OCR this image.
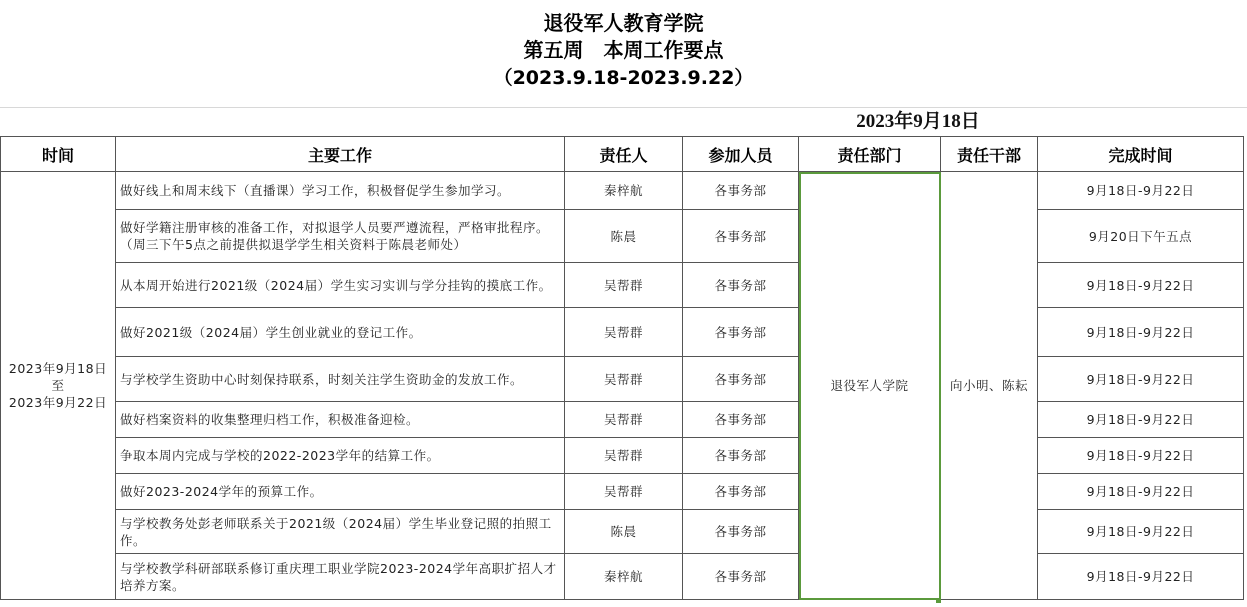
退役军人教育学院
第五周　本周工作要点
（2023.9.18-2023.9.22）
2023年9月18日
时间	主要工作	责任人	参加人员	责任部门	责任干部	完成时间

2023年9月18日
至
2023年9月22日	做好线上和周末线下（直播课）学习工作，积极督促学生参加学习。	秦梓航	各事务部	退役军人学院	向小明、陈耘	9月18日-9月22日
	做好学籍注册审核的准备工作，对拟退学人员要严遵流程，严格审批程序。（周三下午5点之前提供拟退学学生相关资料于陈晨老师处）	陈晨	各事务部			9月20日下午五点
	从本周开始进行2021级（2024届）学生实习实训与学分挂钩的摸底工作。	吴帮群	各事务部			9月18日-9月22日
	做好2021级（2024届）学生创业就业的登记工作。	吴帮群	各事务部			9月18日-9月22日
	与学校学生资助中心时刻保持联系，时刻关注学生资助金的发放工作。	吴帮群	各事务部			9月18日-9月22日
	做好档案资料的收集整理归档工作，积极准备迎检。	吴帮群	各事务部			9月18日-9月22日
	争取本周内完成与学校的2022-2023学年的结算工作。	吴帮群	各事务部			9月18日-9月22日
	做好2023-2024学年的预算工作。	吴帮群	各事务部			9月18日-9月22日
	与学校教务处彭老师联系关于2021级（2024届）学生毕业登记照的拍照工作。	陈晨	各事务部			9月18日-9月22日
	与学校教学科研部联系修订重庆理工职业学院2023-2024学年高职扩招人才培养方案。	秦梓航	各事务部			9月18日-9月22日
